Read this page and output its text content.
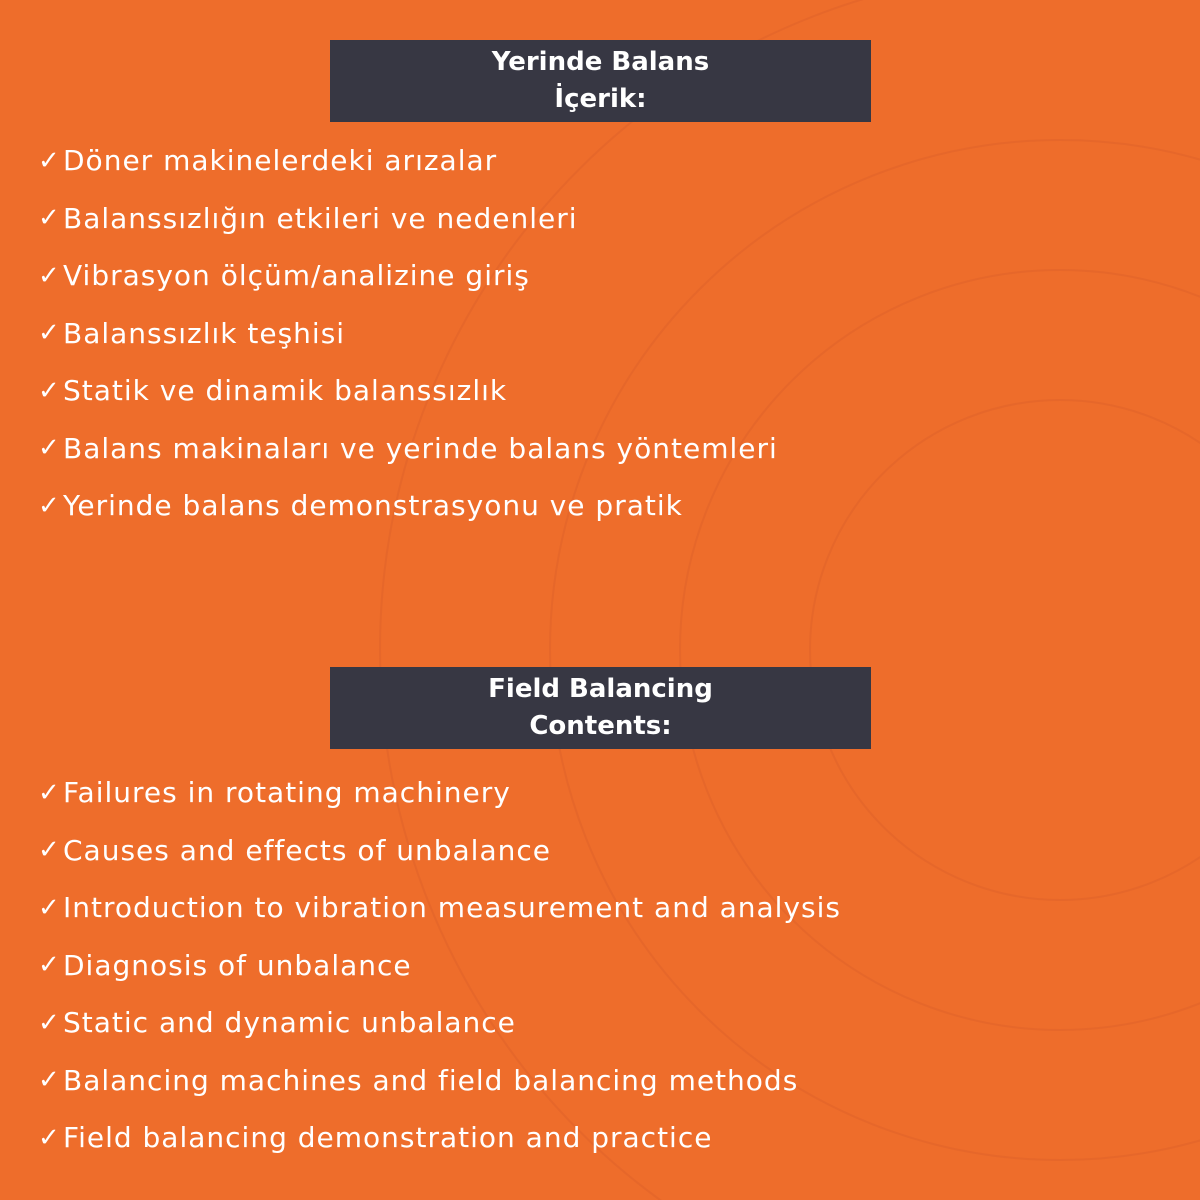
Yerinde Balans
İçerik:
✓ Döner makinelerdeki arızalar
✓ Balanssızlığın etkileri ve nedenleri
✓ Vibrasyon ölçüm/analizine giriş
✓ Balanssızlık teşhisi
✓ Statik ve dinamik balanssızlık
✓ Balans makinaları ve yerinde balans yöntemleri
✓ Yerinde balans demonstrasyonu ve pratik
Field Balancing
Contents:
✓ Failures in rotating machinery
✓ Causes and effects of unbalance
✓ Introduction to vibration measurement and analysis
✓ Diagnosis of unbalance
✓ Static and dynamic unbalance
✓ Balancing machines and field balancing methods
✓ Field balancing demonstration and practice
